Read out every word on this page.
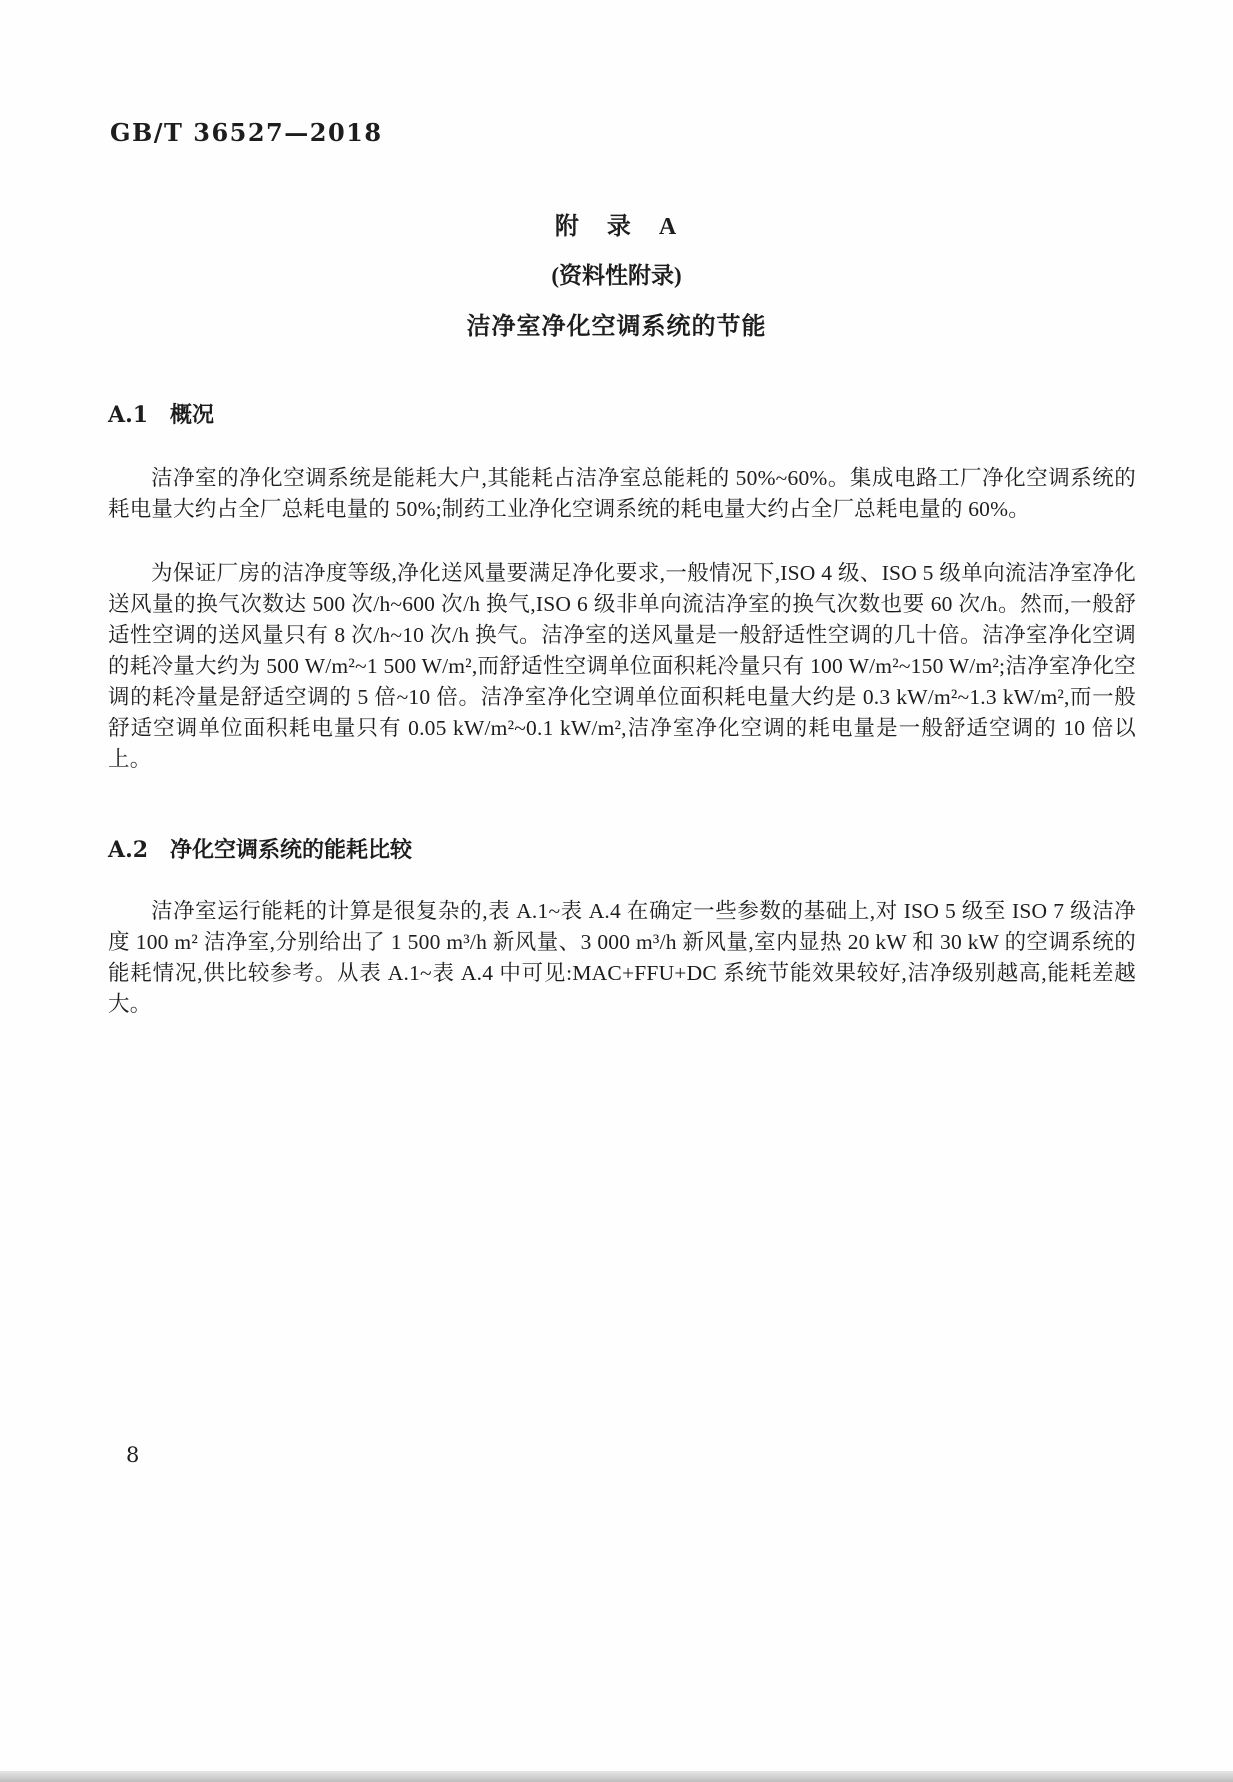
GB/T 36527—2018
附　录　A
(资料性附录)
洁净室净化空调系统的节能
A.1 概况

洁净室的净化空调系统是能耗大户,其能耗占洁净室总能耗的 50%~60%。集成电路工厂净化空调系统的耗电量大约占全厂总耗电量的 50%;制药工业净化空调系统的耗电量大约占全厂总耗电量的 60%。

为保证厂房的洁净度等级,净化送风量要满足净化要求,一般情况下,ISO 4 级、ISO 5 级单向流洁净室净化送风量的换气次数达 500 次/h~600 次/h 换气,ISO 6 级非单向流洁净室的换气次数也要 60 次/h。然而,一般舒适性空调的送风量只有 8 次/h~10 次/h 换气。洁净室的送风量是一般舒适性空调的几十倍。洁净室净化空调的耗冷量大约为 500 W/m²~1 500 W/m²,而舒适性空调单位面积耗冷量只有 100 W/m²~150 W/m²;洁净室净化空调的耗冷量是舒适空调的 5 倍~10 倍。洁净室净化空调单位面积耗电量大约是 0.3 kW/m²~1.3 kW/m²,而一般舒适空调单位面积耗电量只有 0.05 kW/m²~0.1 kW/m²,洁净室净化空调的耗电量是一般舒适空调的 10 倍以上。

A.2 净化空调系统的能耗比较

洁净室运行能耗的计算是很复杂的,表 A.1~表 A.4 在确定一些参数的基础上,对 ISO 5 级至 ISO 7 级洁净度 100 m² 洁净室,分别给出了 1 500 m³/h 新风量、3 000 m³/h 新风量,室内显热 20 kW 和 30 kW 的空调系统的能耗情况,供比较参考。从表 A.1~表 A.4 中可见:MAC+FFU+DC 系统节能效果较好,洁净级别越高,能耗差越大。

8
